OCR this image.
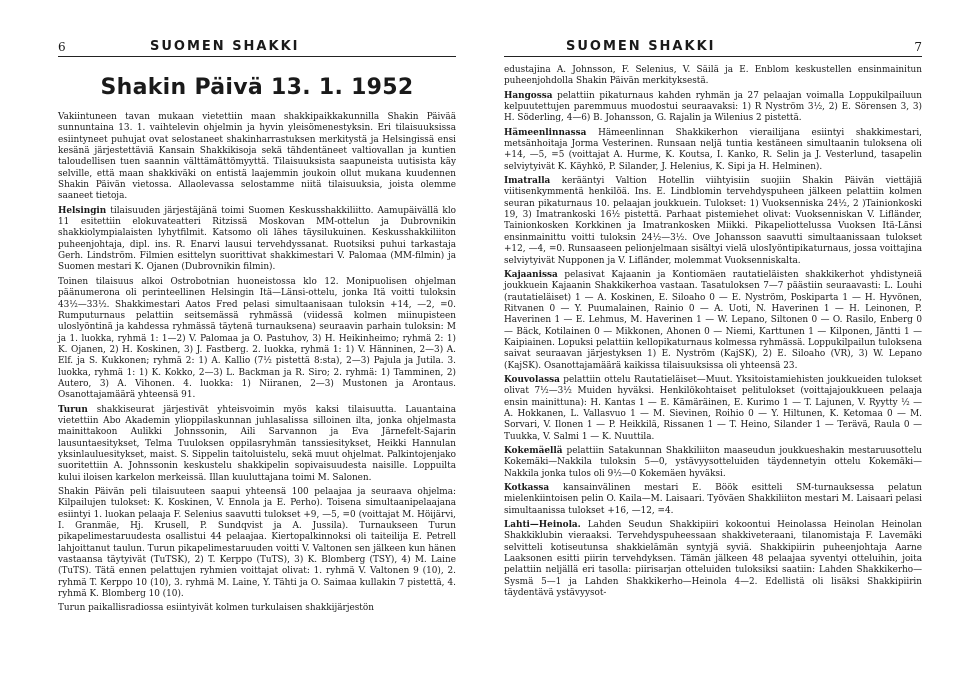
6	SUOMEN SHAKKI
Shakin Päivä 13. 1. 1952

Vakiintuneen tavan mukaan vietettiin maan shakkipaikkakunnilla Shakin Päivää sunnuntaina 13. 1. vaihtelevin ohjelmin ja hyvin yleisömenestyksin. Eri tilaisuuksissa esiintyneet puhujat ovat selostaneet shakinharrastuksen merkitystä ja Helsingissä ensi kesänä järjestettäviä Kansain Shakkikisoja sekä tähdentäneet valtiovallan ja kuntien taloudellisen tuen saannin välttämättömyyttä. Tilaisuuksista saapuneista uutisista käy selville, että maan shakkiväki on entistä laajemmin joukoin ollut mukana kuudennen Shakin Päivän vietossa. Allaolevassa selostamme niitä tilaisuuksia, joista olemme saaneet tietoja.

Helsingin tilaisuuden järjestäjänä toimi Suomen Keskusshakkiliitto. Aamupäivällä klo 11 esitettiin elokuvateatteri Ritzissä Moskovan MM-ottelun ja Dubrovnikin shakkiolympialaisten lyhytfilmit. Katsomo oli lähes täysilukuinen. Keskusshakkiliiton puheenjohtaja, dipl. ins. R. Enarvi lausui tervehdyssanat. Ruotsiksi puhui tarkastaja Gerh. Lindström. Filmien esittelyn suorittivat shakkimestari V. Palomaa (MM-filmin) ja Suomen mestari K. Ojanen (Dubrovnikin filmin).

Toinen tilaisuus alkoi Ostrobotnian huoneistossa klo 12. Monipuolisen ohjelman päänumerona oli perinteellinen Helsingin Itä—Länsi-ottelu, jonka Itä voitti tuloksin 43½—33½. Shakkimestari Aatos Fred pelasi simultaanisaan tuloksin +14, —2, =0. Rumputurnaus pelattiin seitsemässä ryhmässä (viidessä kolmen miinupisteen uloslyöntinä ja kahdessa ryhmässä täytenä turnauksena) seuraavin parhain tuloksin: M ja 1. luokka, ryhmä 1: 1—2) V. Palomaa ja O. Pastuhov, 3) H. Heikinheimo; ryhmä 2: 1) K. Ojanen, 2) H. Koskinen, 3) J. Fastberg. 2. luokka, ryhmä 1: 1) V. Hänninen, 2—3) A. Elf. ja S. Kukkonen; ryhmä 2: 1) A. Kallio (7½ pistettä 8:sta), 2—3) Pajula ja Jutila. 3. luokka, ryhmä 1: 1) K. Kokko, 2—3) L. Backman ja R. Siro; 2. ryhmä: 1) Tamminen, 2) Autero, 3) A. Vihonen. 4. luokka: 1) Niiranen, 2—3) Mustonen ja Arontaus. Osanottajamäärä yhteensä 91.

Turun shakkiseurat järjestivät yhteisvoimin myös kaksi tilaisuutta. Lauantaina vietettiin Abo Akademin ylioppilaskunnan juhlasalissa silloinen ilta, jonka ohjelmasta mainittakoon Aulikki Johnssonin, Aili Sarvannon ja Eva Järnefelt-Sajarin lausuntaesitykset, Telma Tuuloksen oppilasryhmän tanssiesitykset, Heikki Hannulan yksinlauluesitykset, maist. S. Sippelin taitoluistelu, sekä muut ohjelmat. Palkintojenjako suoritettiin A. Johnssonin keskustelu shakkipelin sopivaisuudesta naisille. Loppuilta kului iloisen karkelon merkeissä. Illan kuuluttajana toimi M. Salonen.

Shakin Päivän peli tilaisuuteen saapui yhteensä 100 pelaajaa ja seuraava ohjelma: Kilpailujen tulokset: K. Koskinen, V. Ennola ja E. Perho). Toisena simultaanipelaajana esiintyi 1. luokan pelaaja F. Selenius saavutti tulokset +9, —5, =0 (voittajat M. Höijärvi, I. Granmäe, Hj. Krusell, P. Sundqvist ja A. Jussila). Turnaukseen Turun pikapelimestaruudesta osallistui 44 pelaajaa. Kiertopalkinnoksi oli taiteilija E. Petrell lahjoittanut taulun. Turun pikapelimestaruuden voitti V. Valtonen sen jälkeen kun hänen vastaansa täytyivät (TuTSK), 2) T. Kerppo (TuTS), 3) K. Blomberg (TSY), 4) M. Laine (TuTS). Tätä ennen pelattujen ryhmien voittajat olivat: 1. ryhmä V. Valtonen 9 (10), 2. ryhmä T. Kerppo 10 (10), 3. ryhmä M. Laine, Y. Tähti ja O. Saimaa kullakin 7 pistettä, 4. ryhmä K. Blomberg 10 (10).

Turun paikallisradiossa esiintyivät kolmen turkulaisen shakkijärjestön

SUOMEN SHAKKI	7

edustajina A. Johnsson, F. Selenius, V. Säilä ja E. Enblom keskustellen ensinmainitun puheenjohdolla Shakin Päivän merkityksestä.

Hangossa pelattiin pikaturnaus kahden ryhmän ja 27 pelaajan voimalla Loppukilpailuun kelpuutettujen paremmuus muodostui seuraavaksi: 1) R Nyström 3½, 2) E. Sörensen 3, 3) H. Söderling, 4—6) B. Johansson, G. Rajalin ja Wilenius 2 pistettä.

Hämeenlinnassa Hämeenlinnan Shakkikerhon vierailijana esiintyi shakkimestari, metsänhoitaja Jorma Vesterinen. Runsaan neljä tuntia kestäneen simultaanin tuloksena oli +14, —5, =5 (voittajat A. Hurme, K. Koutsa, I. Kanko, R. Selin ja J. Vesterlund, tasapelin selviytyivät K. Käyhkö, P. Silander, J. Helenius, K. Sipi ja H. Helminen).

Imatralla kerääntyi Valtion Hotellin viihtyisiin suojiin Shakin Päivän viettäjiä viitisenkymmentä henkilöä. Ins. E. Lindblomin tervehdyspuheen jälkeen pelattiin kolmen seuran pikaturnaus 10. pelaajan joukkuein. Tulokset: 1) Vuoksenniska 24½, 2 )Tainionkoski 19, 3) Imatrankoski 16½ pistettä. Parhaat pistemiehet olivat: Vuoksenniskan V. Lifländer, Tainionkosken Korkkinen ja Imatrankosken Miikki. Pikapeliottelussa Vuoksen Itä-Länsi ensinmainittu voitti tuloksin 24½—3½. Ove Johansson saavutti simultaanissaan tulokset +12, —4, =0. Runsaaseen pelionjelmaan sisältyi vielä ulosIyöntipikaturnaus, jossa voittajina selviytyivät Nupponen ja V. Lifländer, molemmat Vuoksenniskalta.

Kajaanissa pelasivat Kajaanin ja Kontiomäen rautatieläisten shakkikerhot yhdistyneiä joukkuein Kajaanin Shakkikerhoa vastaan. Tasatuloksen 7—7 päästiin seuraavasti: L. Louhi (rautatieläiset) 1 — A. Koskinen, E. Siloaho 0 — E. Nyström, Poskiparta 1 — H. Hyvönen, Ritvanen 0 — Y. Puumalainen, Rainio 0 — A. Uoti, N. Haverinen 1 — H. Leinonen, P. Haverinen 1 — E. Lehmus, M. Haverinen 1 — W. Lepano, Siltonen 0 — O. Rasilo, Enberg 0 — Bäck, Kotilainen 0 — Mikkonen, Ahonen 0 — Niemi, Karttunen 1 — Kilponen, Jäntti 1 — Kaipiainen. Lopuksi pelattiin kellopikaturnaus kolmessa ryhmässä. Loppukilpailun tuloksena saivat seuraavan järjestyksen 1) E. Nyström (KajSK), 2) E. Siloaho (VR), 3) W. Lepano (KajSK). Osanottajamäärä kaikissa tilaisuuksissa oli yhteensä 23.

Kouvolassa pelattiin ottelu Rautatieläiset—Muut. Yksitoistamiehisten joukkueiden tulokset olivat 7½—3½ Muiden hyväksi. Henkilökohtaiset pelitulokset (voittajajoukkueen pelaaja ensin mainittuna): H. Kantas 1 — E. Kämäräinen, E. Kurimo 1 — T. Lajunen, V. Ryytty ½ — A. Hokkanen, L. Vallasvuo 1 — M. Sievinen, Roihio 0 — Y. Hiltunen, K. Ketomaa 0 — M. Sorvari, V. Ilonen 1 — P. Heikkilä, Rissanen 1 — T. Heino, Silander 1 — Terävä, Raula 0 — Tuukka, V. Salmi 1 — K. Nuuttila.

Kokemäellä pelattiin Satakunnan Shakkiliiton maaseudun joukkueshakin mestaruusottelu Kokemäki—Nakkila tuloksin 5—0, ystävyysotteluiden täydennetyin ottelu Kokemäki—Nakkila jonka tulos oli 9½—0 Kokemäen hyväksi.

Kotkassa kansainvälinen mestari E. Böök esitteli SM-turnauksessa pelatun mielenkiintoisen pelin O. Kaila—M. Laisaari. Työväen Shakkiliiton mestari M. Laisaari pelasi simultaanissa tulokset +16, —12, =4.

Lahti—Heinola. Lahden Seudun Shakkipiiri kokoontui Heinolassa Heinolan Heinolan Shakkiklubin vieraaksi. Tervehdyspuheessaan shakkiveteraani, tilanomistaja F. Lavemäki selvitteli kotiseutunsa shakkielämän syntyjä syviä. Shakkipiirin puheenjohtaja Aarne Laaksonen esitti piirin tervehdyksen. Tämän jälkeen 48 pelaajaa syventyi otteluihin, joita pelattiin neljällä eri tasolla: piirisarjan otteluiden tuloksiksi saatiin: Lahden Shakkikerho—Sysmä 5—1 ja Lahden Shakkikerho—Heinola 4—2. Edellistä oli lisäksi Shakkipiirin täydentävä ystävyysot-
